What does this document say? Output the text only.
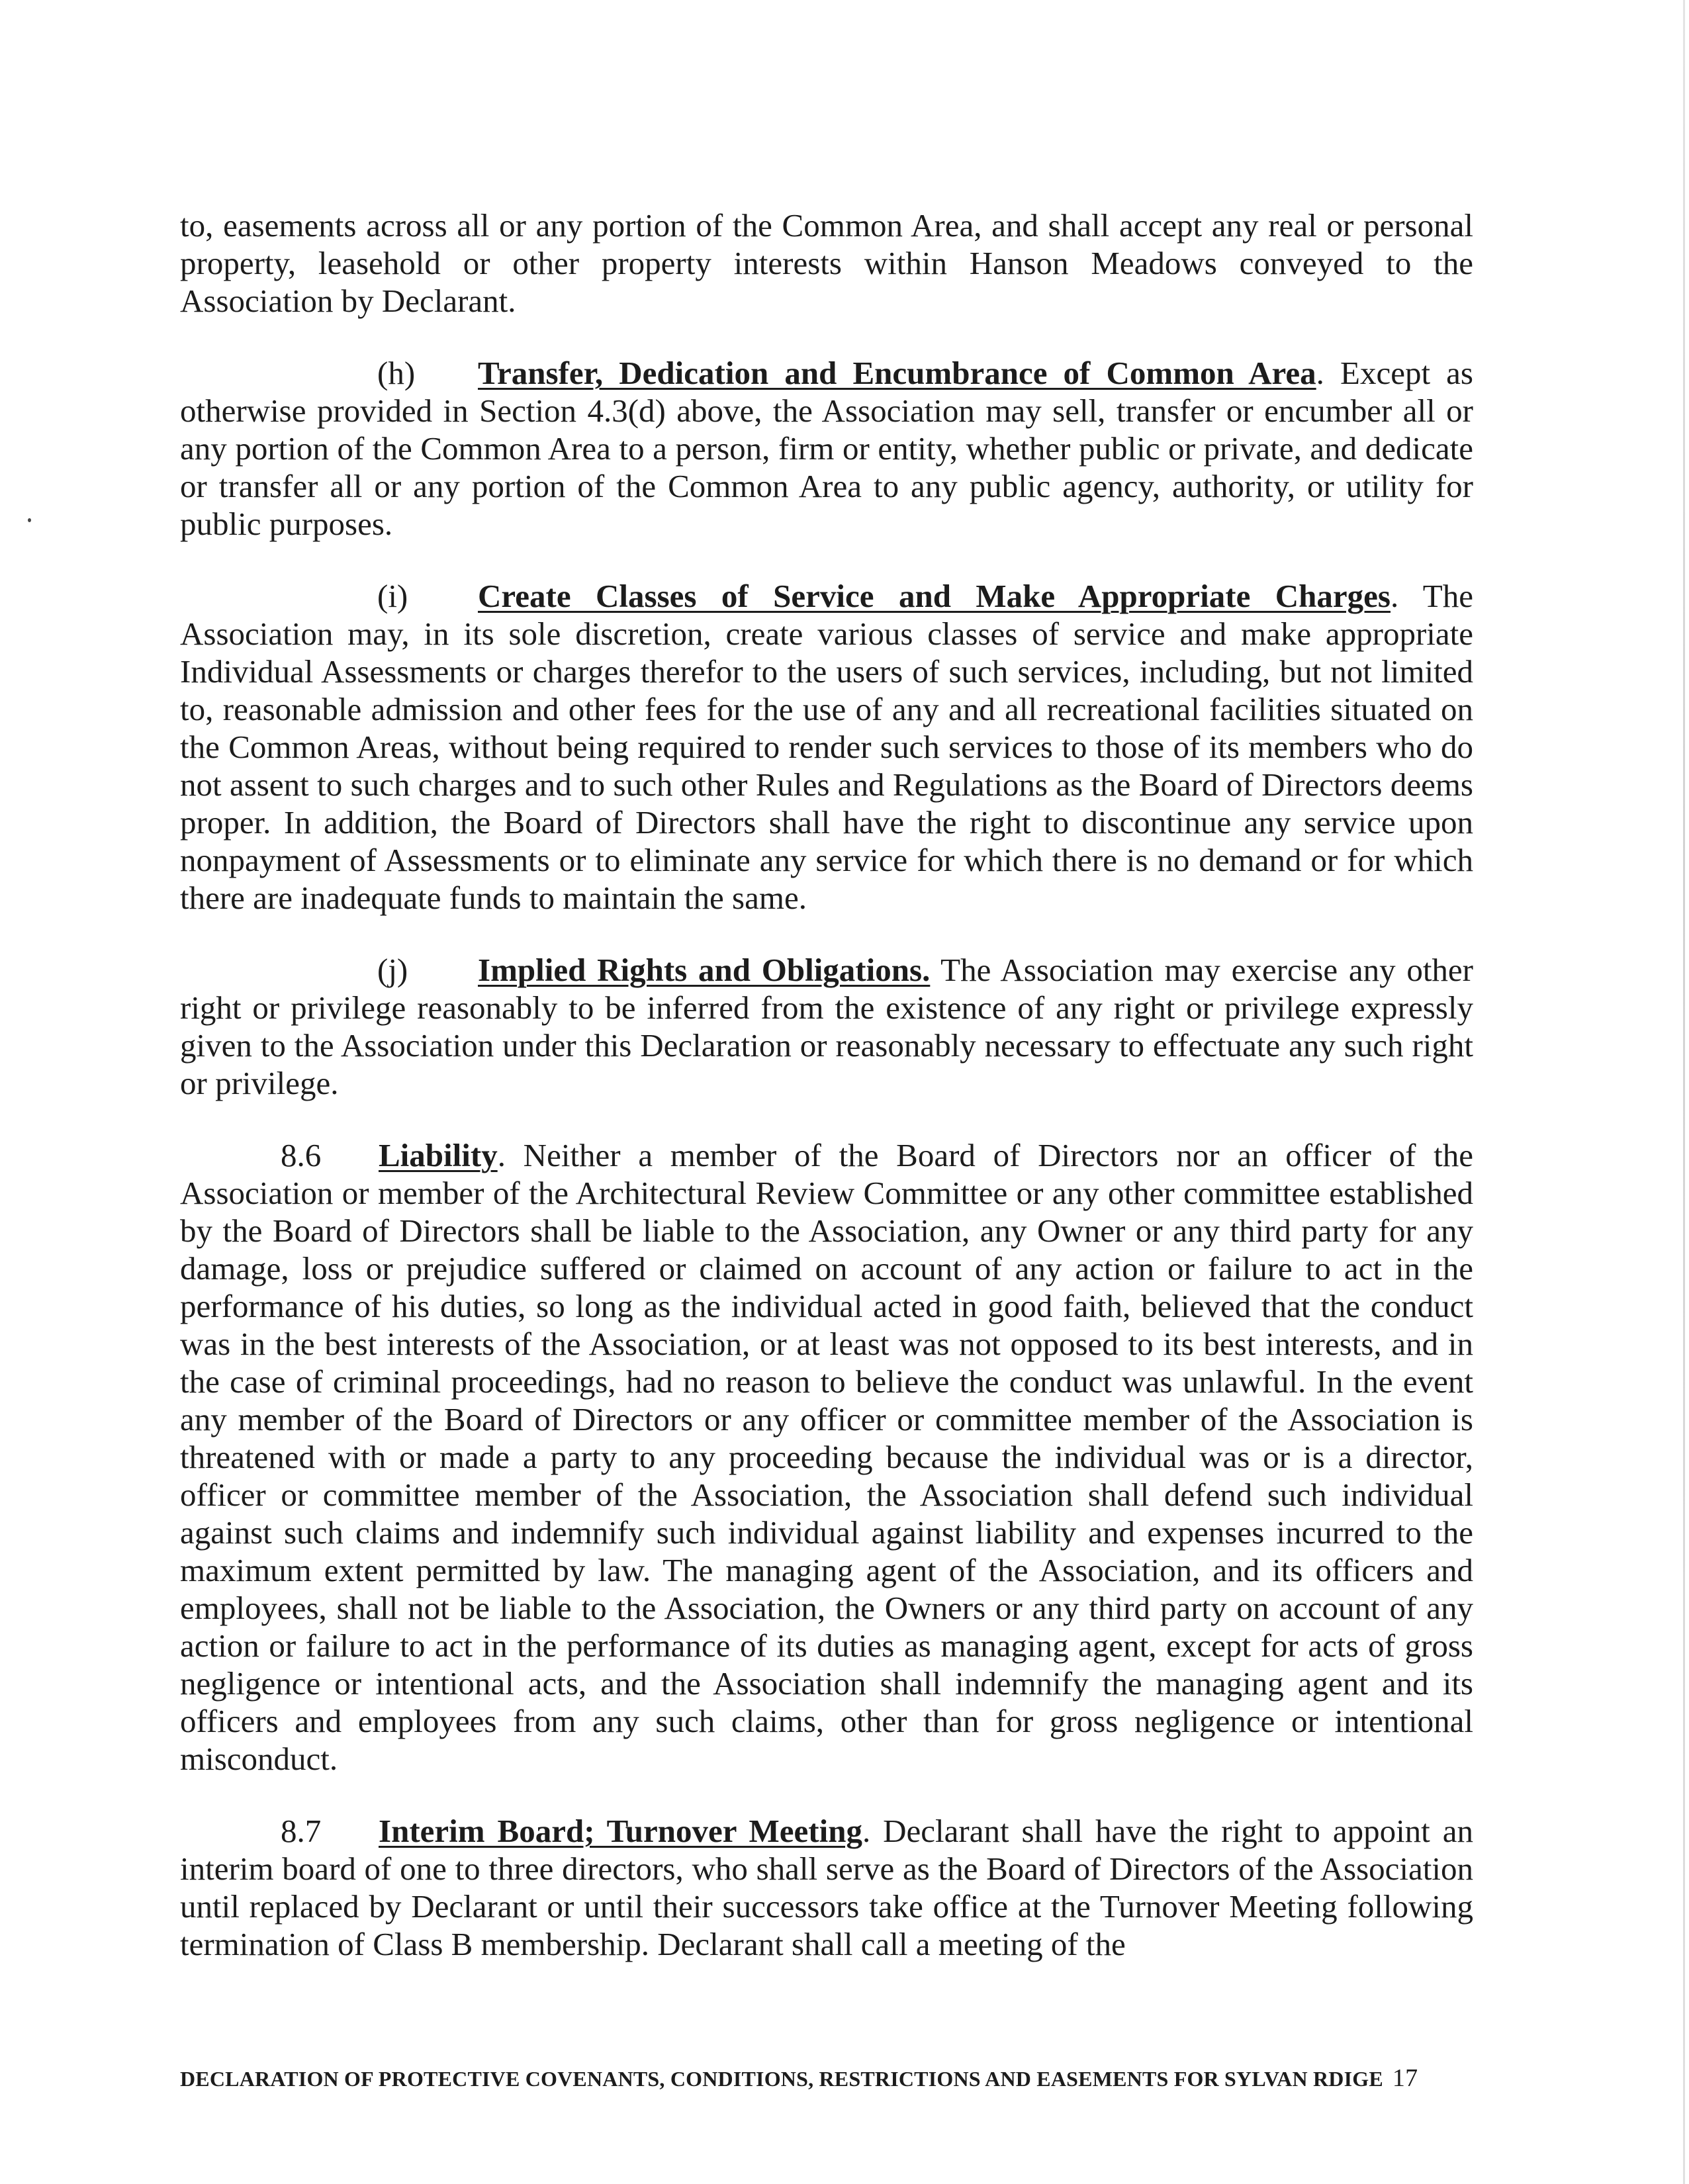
to, easements across all or any portion of the Common Area, and shall accept any real or personal property, leasehold or other property interests within Hanson Meadows conveyed to the Association by Declarant.

(h) Transfer, Dedication and Encumbrance of Common Area. Except as otherwise provided in Section 4.3(d) above, the Association may sell, transfer or encumber all or any portion of the Common Area to a person, firm or entity, whether public or private, and dedicate or transfer all or any portion of the Common Area to any public agency, authority, or utility for public purposes.

(i) Create Classes of Service and Make Appropriate Charges. The Association may, in its sole discretion, create various classes of service and make appropriate Individual Assessments or charges therefor to the users of such services, including, but not limited to, reasonable admission and other fees for the use of any and all recreational facilities situated on the Common Areas, without being required to render such services to those of its members who do not assent to such charges and to such other Rules and Regulations as the Board of Directors deems proper. In addition, the Board of Directors shall have the right to discontinue any service upon nonpayment of Assessments or to eliminate any service for which there is no demand or for which there are inadequate funds to maintain the same.

(j) Implied Rights and Obligations. The Association may exercise any other right or privilege reasonably to be inferred from the existence of any right or privilege expressly given to the Association under this Declaration or reasonably necessary to effectuate any such right or privilege.

8.6 Liability. Neither a member of the Board of Directors nor an officer of the Association or member of the Architectural Review Committee or any other committee established by the Board of Directors shall be liable to the Association, any Owner or any third party for any damage, loss or prejudice suffered or claimed on account of any action or failure to act in the performance of his duties, so long as the individual acted in good faith, believed that the conduct was in the best interests of the Association, or at least was not opposed to its best interests, and in the case of criminal proceedings, had no reason to believe the conduct was unlawful. In the event any member of the Board of Directors or any officer or committee member of the Association is threatened with or made a party to any proceeding because the individual was or is a director, officer or committee member of the Association, the Association shall defend such individual against such claims and indemnify such individual against liability and expenses incurred to the maximum extent permitted by law. The managing agent of the Association, and its officers and employees, shall not be liable to the Association, the Owners or any third party on account of any action or failure to act in the performance of its duties as managing agent, except for acts of gross negligence or intentional acts, and the Association shall indemnify the managing agent and its officers and employees from any such claims, other than for gross negligence or intentional misconduct.

8.7 Interim Board; Turnover Meeting. Declarant shall have the right to appoint an interim board of one to three directors, who shall serve as the Board of Directors of the Association until replaced by Declarant or until their successors take office at the Turnover Meeting following termination of Class B membership. Declarant shall call a meeting of the

DECLARATION OF PROTECTIVE COVENANTS, CONDITIONS, RESTRICTIONS AND EASEMENTS FOR SYLVAN RDIGE 17
